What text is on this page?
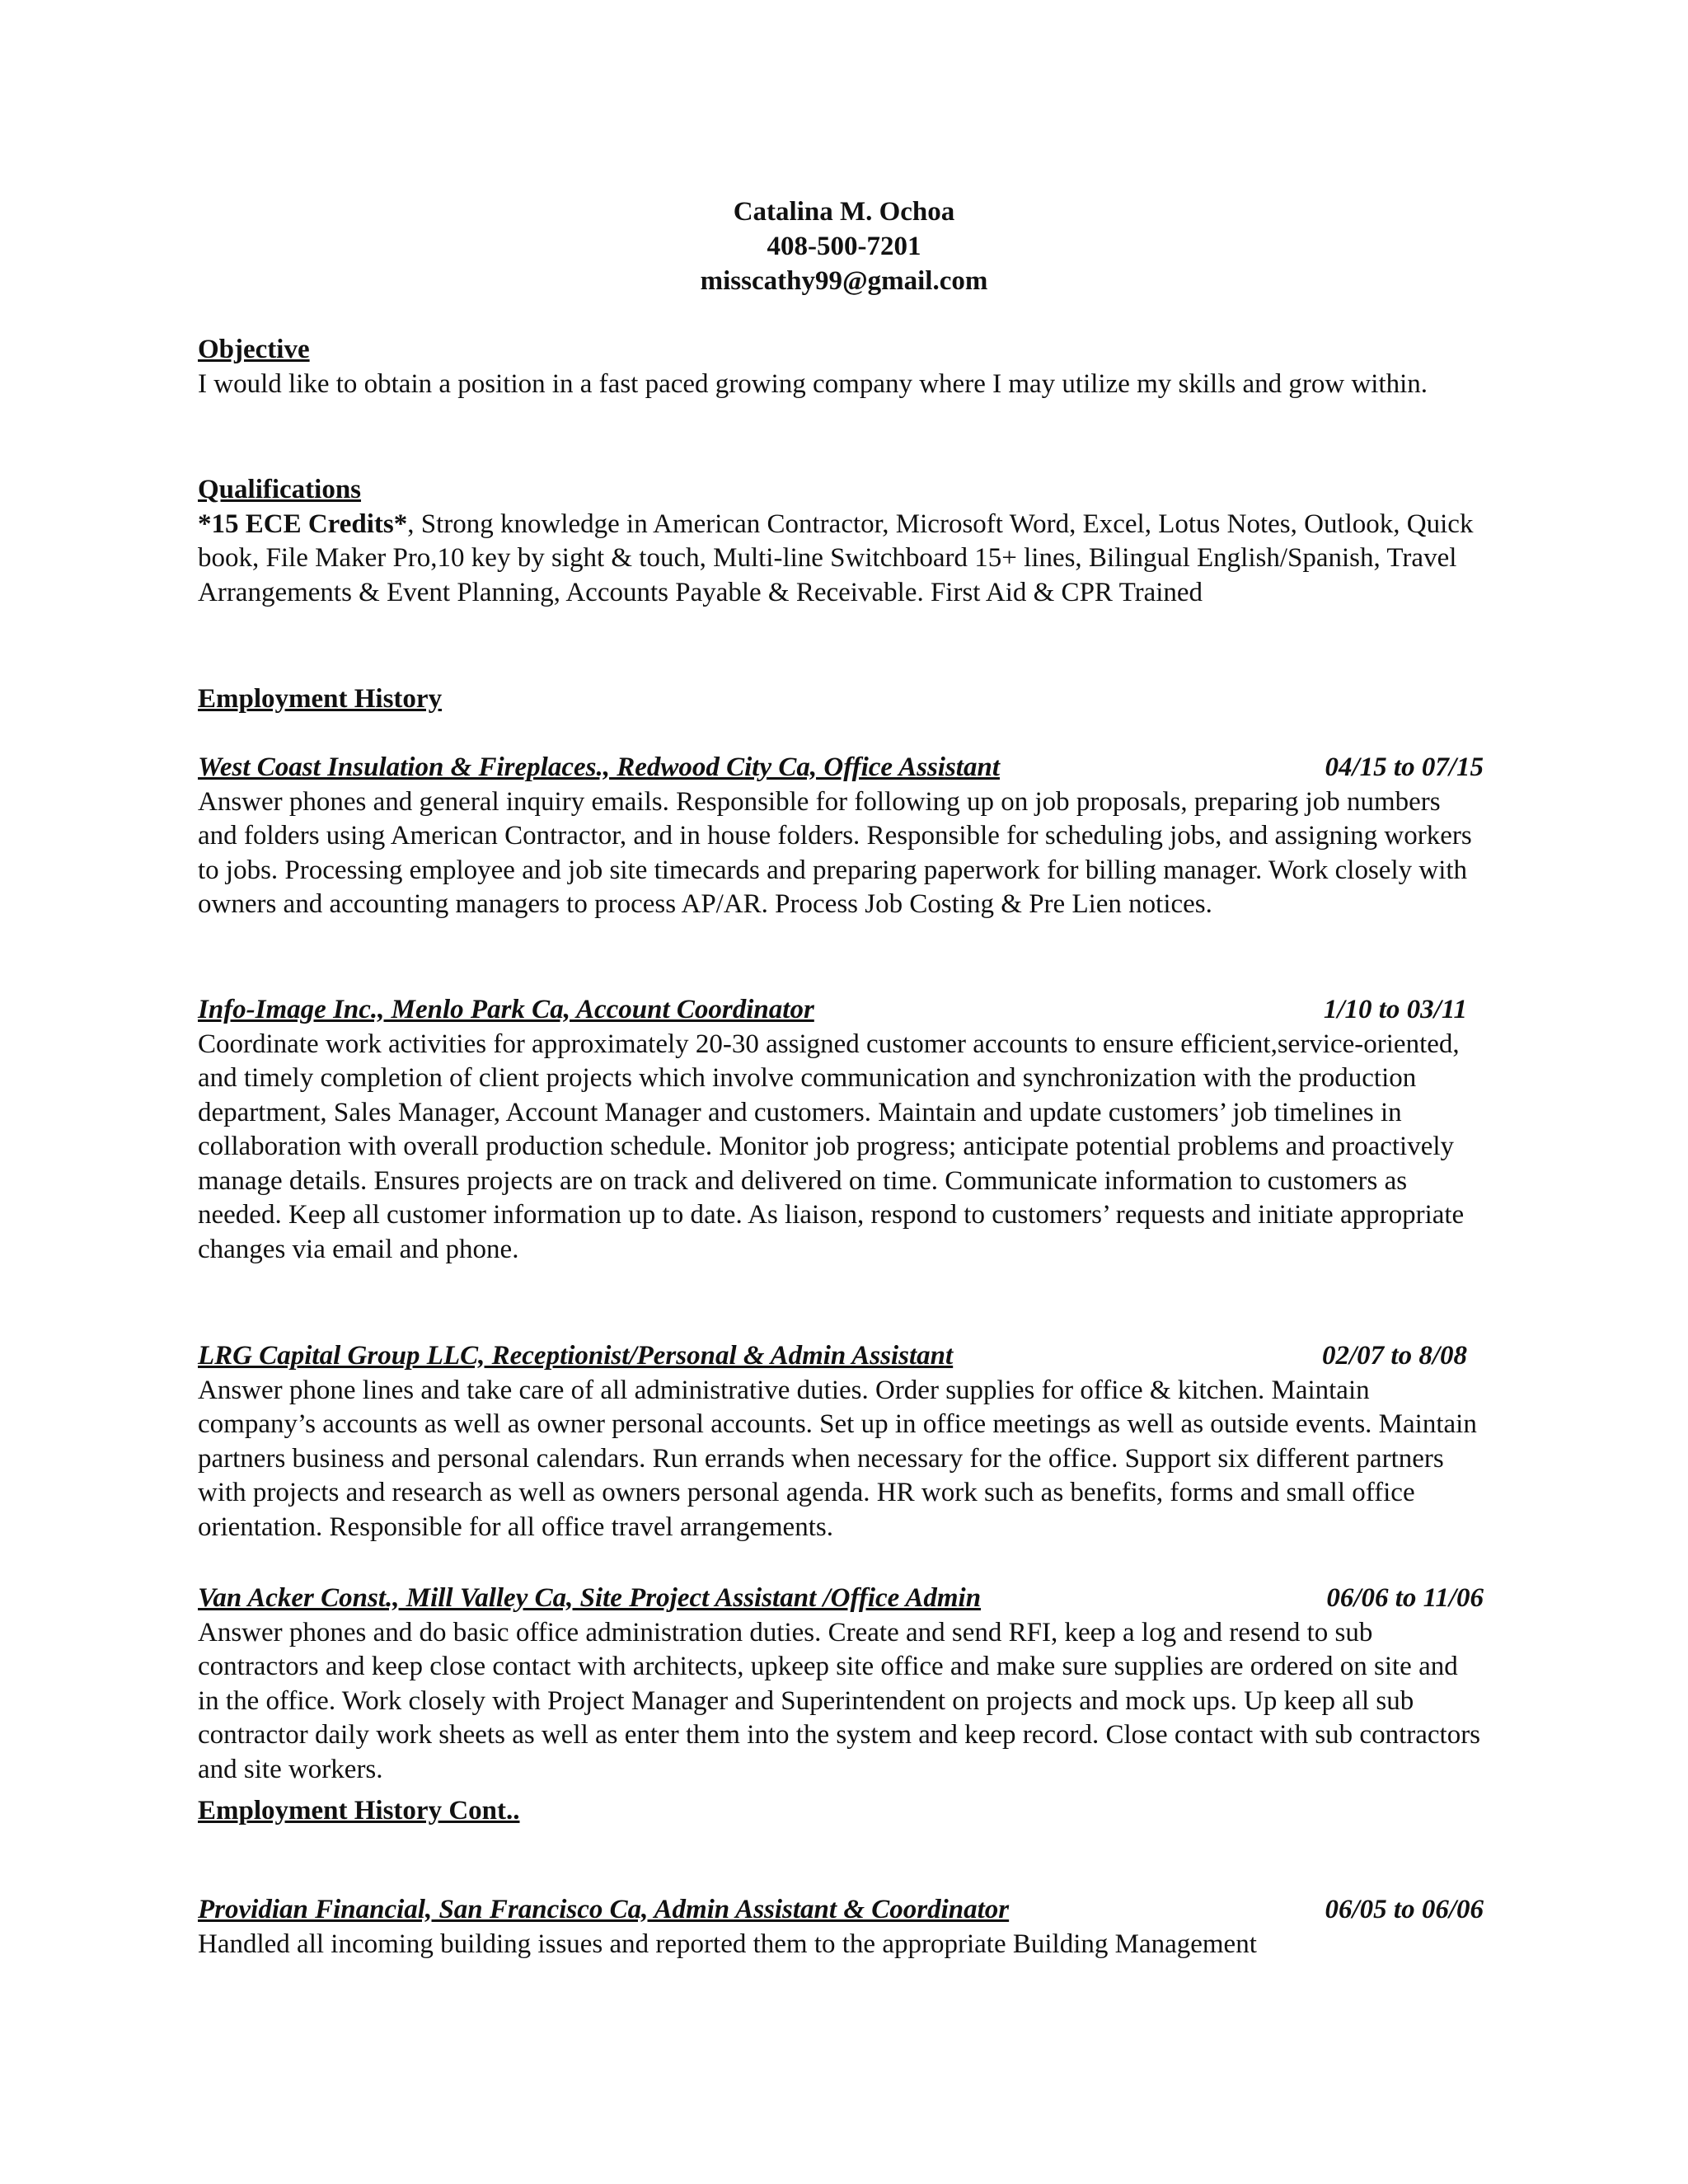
Catalina M. Ochoa
408-500-7201
misscathy99@gmail.com
Objective

I would like to obtain a position in a fast paced growing company where I may utilize my skills and grow within.

Qualifications

*15 ECE Credits*, Strong knowledge in American Contractor, Microsoft Word, Excel, Lotus Notes, Outlook, Quick book, File Maker Pro,10 key by sight & touch, Multi-line Switchboard 15+ lines, Bilingual English/Spanish, Travel Arrangements & Event Planning, Accounts Payable & Receivable. First Aid & CPR Trained

Employment History
West Coast Insulation & Fireplaces., Redwood City Ca, Office Assistant	04/15 to 07/15

Answer phones and general inquiry emails. Responsible for following up on job proposals, preparing job numbers and folders using American Contractor, and in house folders. Responsible for scheduling jobs, and assigning workers to jobs. Processing employee and job site timecards and preparing paperwork for billing manager. Work closely with owners and accounting managers to process AP/AR. Process Job Costing & Pre Lien notices.

Info-Image Inc., Menlo Park Ca, Account Coordinator	1/10 to 03/11

Coordinate work activities for approximately 20-30 assigned customer accounts to ensure efficient,service-oriented, and timely completion of client projects which involve communication and synchronization with the production department, Sales Manager, Account Manager and customers. Maintain and update customers’ job timelines in collaboration with overall production schedule. Monitor job progress; anticipate potential problems and proactively manage details. Ensures projects are on track and delivered on time. Communicate information to customers as needed. Keep all customer information up to date. As liaison, respond to customers’ requests and initiate appropriate changes via email and phone.

LRG Capital Group LLC, Receptionist/Personal & Admin Assistant	02/07 to 8/08

Answer phone lines and take care of all administrative duties. Order supplies for office & kitchen. Maintain company’s accounts as well as owner personal accounts. Set up in office meetings as well as outside events. Maintain partners business and personal calendars. Run errands when necessary for the office. Support six different partners with projects and research as well as owners personal agenda. HR work such as benefits, forms and small office orientation. Responsible for all office travel arrangements.

Van Acker Const., Mill Valley Ca, Site Project Assistant /Office Admin	06/06 to 11/06

Answer phones and do basic office administration duties. Create and send RFI, keep a log and resend to sub contractors and keep close contact with architects, upkeep site office and make sure supplies are ordered on site and in the office. Work closely with Project Manager and Superintendent on projects and mock ups. Up keep all sub contractor daily work sheets as well as enter them into the system and keep record. Close contact with sub contractors and site workers.

Employment History Cont..
Providian Financial, San Francisco Ca, Admin Assistant & Coordinator	06/05 to 06/06

Handled all incoming building issues and reported them to the appropriate Building Management
